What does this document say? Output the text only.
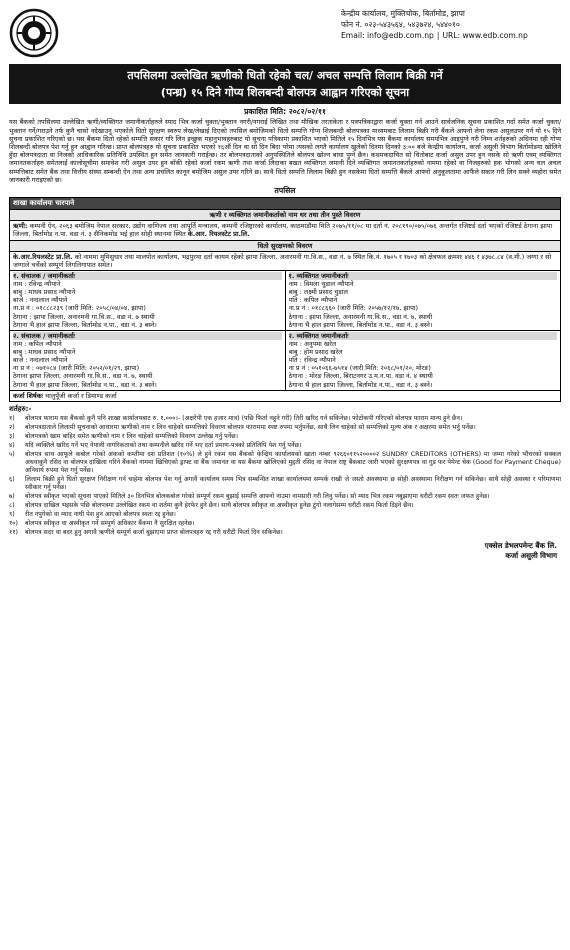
केन्द्रीय कार्यालय, मुक्तिचोक, बिर्तामोड, झापा
फोन नं. ०२३-५४३५६४, ५४३७२४, ५४४०१०
Email: info@edb.com.np | URL: www.edb.com.np
तपसिलमा उल्लेखित ऋणीको धितो रहेको चल/ अचल सम्पत्ति लिलाम बिक्री गर्ने
(पन्ध्र) १५ दिने गोप्य शिलबन्दी बोलपत्र आह्वान गरिएको सूचना
प्रकाशित मिति: २०८२/०२/११

यस बैंकको तपसिलमा उल्लेखित ऋणी/व्यक्तिगत जमानीकर्ताहरुले स्याद भित्र कर्जा चुक्ता/भुक्तान नगरी/नगराई लिखित तथा मौखिक तरताकेता र पत्रपत्रिकाद्वारा कर्जा चुक्ता गर्न आउने सार्वजनिक सूचना प्रकाशित गर्दा समेत कर्जा चुक्ता/भुक्तान गर्ने/गराउने तर्फ कुनै चासो नदेखाउनु भएकोले धितो सुरक्षण स्वरुप लेख/लेखाई दिएको तपसिल बमोजिमको धितो सम्पत्ति गोप्य शिलबन्दी बोलपत्रका माध्यमबाट लिलाम बिक्री गरी बैंकले आफ्नो लेना रकम असुलउपर गर्न यो १५ दिने सूचना प्रकाशित गरिएको छ। यस बैंकमा धितो रहेको सम्पत्ति सकार गरि लिन इच्छुक महानुभावहरुबाट यो सूचना पत्रिकामा प्रकाशित भएको मितिले १५ दिनभित्र यस बैंकमा कार्यालय समयभित्र आइपुग्ने गरी निम्न शर्तहरुको अधिनमा रही गोप्य शिलबन्दी बोलपत्र पेश गर्नु हुन आह्वान गरिन्छ। प्राप्त बोलपत्रहरु यो सूचना प्रकाशित भएको १६औं दिन वा सो दिन बिदा परेमा त्यसको लगतै कार्यालय खुलेको दिनमा दिनको ३:०० बजे केन्द्रीय कार्यालय, कर्जा असुली विभाग बिर्तामोडमा खोलिने हुँदा बोलपत्रदाता वा निजको आधिकारिक प्रतिनिधि उपस्थित हुन समेत जानकारी गराईन्छ। तर बोलपत्रदाताको अनुपस्थितिले बोलपत्र खोल्न बाधा पुग्ने छैन। कथमकदाचित सो धितोबाट कर्जा असुल उपर हुन नसके सो ऋणी एवम् व्यक्तिगत जमानतकर्ताहरु समेतलाई कालोसूचीमा समावेश गरी असुल उपर हुन बाँकी रहेको कर्जा रकम ऋणी तथा कर्जा लिदाका बखत व्यक्तिगत जमानी दिने व्यक्तिगत जमानतकर्ताहरुको नाममा रहेको वा निजहरुको हक भोगको अन्य चल अचल सम्पत्तिबाट समेत बैंक तथा वित्तीय संस्था सम्बन्धी ऐन तथा अन्य प्रचलित कानून बमोजिम असुल उपर गरिने छ। साथै धितो सम्पत्ति लिलाम बिक्री हुन नसकेमा धितो सम्पत्ति बैंकले आफ्नो अनुकूलतामा आफैंले सकार गरी लिन सक्ने व्यहोरा समेत जानकारी गराइएको छ।

तपसिल
शाखा कार्यालयः चारपाने
ऋणी र व्यक्तिगत जमानीकर्ताको नाम थर तथा तीन पुस्ते विवरण
ऋणी: कम्पनी ऐन, २०६३ बमोजिम नेपाल सरकार, उद्योग वाणिज्य तथा आपूर्ति मन्त्रालय, कम्पनी रजिष्ट्रारको कार्यालय, काठमाडौमा मिति २०७५/११/०८ मा दर्ता नं. २०८१९०/०७५/०७६ अन्तर्गत रजिष्टर्ड दर्ता भएको रजिष्टर्ड ठेगाना झापा जिल्ला, बिर्तामोड न.पा. वडा नं. ३ सैनिकमोड भई हाल सोही स्थानमा स्थित के.आर. रियलस्टेट प्रा.लि.
धितो सुरक्षणको विवरण
के.आर.रियलस्टेट प्रा.लि. को नाममा मुमिसुधार तथा मालपोत कार्यालय, भद्रपुरमा दर्ता कायम रहेको झापा जिल्ला, अनारमनी गा.वि.स., वडा नं. ७ स्थित कि.नं. १७०५ र १७०३ को क्षेत्रफल क्रमशः ४४६ र ४३७८.८४ (व.मी.) जग्गा र सो जग्गाले चर्चेको सम्पूर्ण लिगलिगापात समेत।
१. संचालक / जमानीकर्ताः
नाम : रविन्द्र न्यौपाने
बाबु : माधव प्रसाद न्यौपाने
बाजे : नन्दलाल न्यौपाने
ना.प्र नं : ०१८८८२३९ (जारी मिति: २०५८/०४/०४, झापा)
ठेगाना : झापा जिल्ला, अनारमनी गा.वि.स., वडा नं. ७ स्थायी
ठेगाना भै हाल झापा जिल्ला, बिर्तामोड न.पा., वडा नं. ३ बस्ने।
१. व्यक्तिगत जमानीकर्ताः
नाम : विमला चुडाल न्यौपाने
बाबु : लक्ष्मी प्रसाद चुडाल
पति : कपिल न्यौपाने
ना.प्र नं : ०१८८६६० (जारी मिति: २०५७/१२/१७, झापा)
ठेगाना : झापा जिल्ला, अनारमनी गा.वि.स., वडा नं. ७, स्थायी
ठेगाना भै हाल झापा जिल्ला, बिर्तामोड न.पा., वडा नं. ३ बस्ने।
२. संचालक / जमानीकर्ताः
नाम : कपिल न्यौपाने
बाबु : माधव प्रसाद न्यौपाने
बाजे : नन्दलाल न्यौपाने
ना प्र नं : ०७१०८४ (जारी मिति: २०५२/०१/२९, झापा)
ठेगाना झापा जिल्ला, अनारमनी गा.वि.स., वडा नं. ७, स्थायी
ठेगाना भै हाल झापा जिल्ला, बिर्तामोड न.पा., वडा नं. ३ बस्ने।
२. व्यक्तिगत जमानीकर्ताः
नाम : अनुपमा खरेल
बाबु : होम प्रसाद खरेल
पति : रविन्द्र न्यौपाने
ना प्र नं : ०५१०६६-७५१४ (जारी मिति: २०६८/०१/२०, मोरङ)
ठेगाना : मोरङ जिल्ला, बिराटनगर उ.म.न.पा. वडा नं. ४ स्थायी
ठेगाना भै हाल झापा जिल्ला, बिर्तामोड न.पा., वडा नं. ३ बस्ने।
कर्जा शिर्षकः चालुपूँजी कर्जा र डिमाण्ड कर्जा
शर्तहरु:-
१)	बोलपत्र फाराम यस बैंकको कुनै पनि शाखा कार्यालयबाट रु. १,०००।- (अक्षरेपी एक हजार मात्र) (पछि फिर्ता नहुने गरी) तिरी खरिद गर्न सकिनेछ। फोटोकपी गरिएको बोलपत्र फाराम मान्य हुने छैन।
२)	बोलपत्रदाताले लिलामी सूचनाको आधारमा ऋणीको नाम र लिन चाहेको सम्पत्तिको विवरण बोलपत्र फाराममा स्पष्ट रुपमा भर्नुपर्नेछ, साथै लिन चाहेको सो सम्पत्तिको मूल्य अंक र अक्षरमा समेत भर्नु पर्नेछ।
३)	बोलपत्रको खाम बाहिर समेत ऋणीको नाम र लिन चाहेको सम्पत्तिको विवरण उल्लेख गर्नु पर्नेछ।
४)	यदि व्यक्तिले खरिद गर्ने भए नेपाली नागरिकताको तथा कम्पनीले खरिद गर्ने भए दर्ता प्रमाण-पत्रको प्रतिलिपि पेश गर्नु पर्नेछ।
५)	बोलपत्र साथ आफूले कबोल गरेको अंकको कम्तीमा दश प्रतिशत (१०%) ले हुने रकम यस बैंकको केन्द्रिय कार्यालयको खाता नम्बर ९२६६०११५२००००२ SUNDRY CREDITORS (OTHERS) मा जम्मा गरेको भौचरको सक्कल अथवाकुनै रसिद वा बोलपत्र दाखिला गरिने बैंकको नाममा खिचिएको ड्राफ्ट वा बैंक जमानत वा यस बैंकमा खोलिएको मुद्दती रसिद वा नेपाल राष्ट्र बैंकबाट जारी भएको सुरक्षणपत्र वा गुड फर पेमेन्ट चेक (Good for Payment Cheque) अनिवार्य रुपमा पेश गर्नु पर्नेछ।
६)	लिलाम बिक्री हुने धितो सुरक्षण निरीक्षण गर्न चाहेमा बोलपत्र पेश गर्नु अगावै कार्यालय समय भित्र सम्बन्धित शाखा कार्यालयमा सम्पर्क राखी जे जस्तो अवस्थामा छ सोही अवस्थामा निरीक्षण गर्न सकिनेछ। साथै सोही अवस्था र परिमाणमा स्वीकार गर्नु पर्नेछ।
७)	बोलपत्र स्वीकृत भएको सूचना पाएको मितिले ३० दिनभित्र बोलकबोल गरेको सम्पूर्ण रकम बुझाई सम्पत्ति आफ्नो नाउमा नामसारी गरी लिनु पर्नेछ। सो म्याद भित्र रकम नबुझाएमा धरौटी रकम स्वतः जफत हुनेछ।
८)	बोलपत्र दाखिल भइसके पछि बोलपत्रमा उल्लेखित रकम वा शर्तमा कुनै हेरफेर हुने छैन। साथै बोलपत्र स्वीकृत वा अस्वीकृत हुनेछ टुंगो नलागेसम्म धरौटी रकम फिर्ता दिइने छैन।
९)	रीत नपुगेको वा म्याद नाघी पेश हुन आएको बोलपत्र स्वतः रद्द हुनेछ।
१०)	बोलपत्र स्वीकृत वा अस्वीकृत गर्ने सम्पूर्ण अधिकार बैंकमा नै सुरक्षित रहनेछ।
११)	बोलपत्र सदर वा बदर हुनु अगावै ऋणीले सम्पूर्ण कर्जा बुझाएमा प्राप्त बोलपत्रहरु रद्द गरी धरौटी फिर्ता दिन सकिनेछ।
एक्सेल डेभलपमेन्ट बैंक लि.
कर्जा असुली विभाग
